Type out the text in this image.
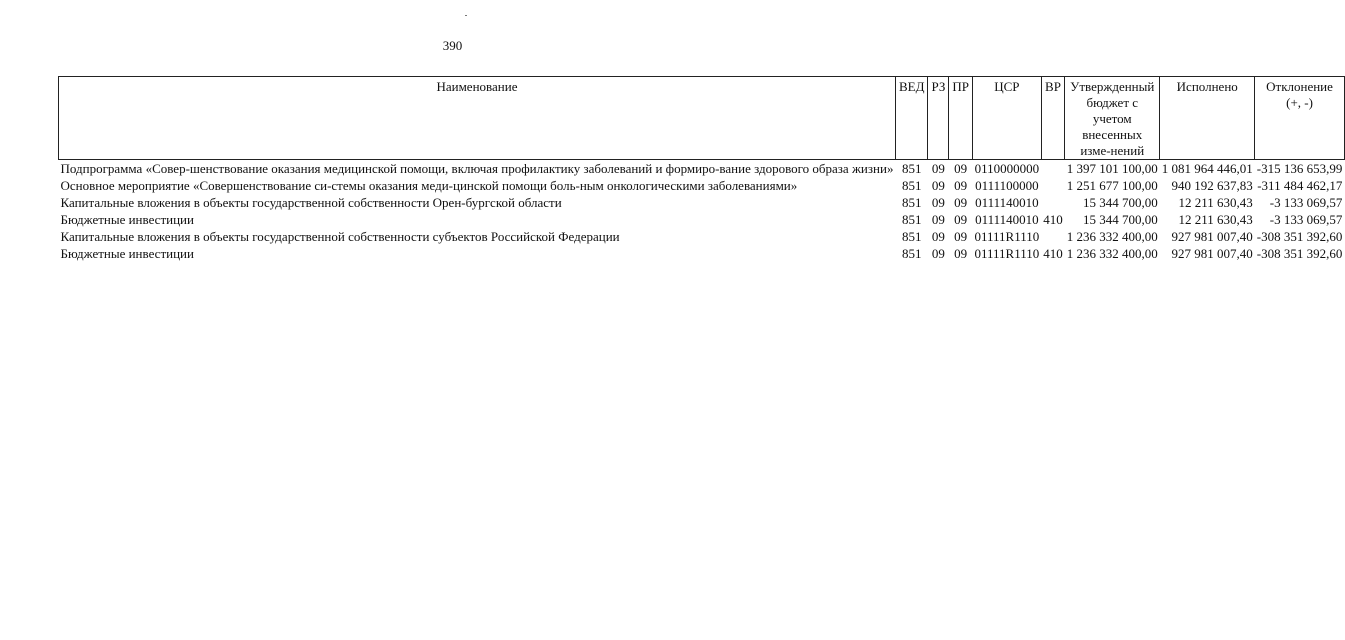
390
Наименование	ВЕД	РЗ	ПР	ЦСР	ВР	Утвержденный бюджет с учетом внесенных изме-нений	Исполнено	Отклонение (+, -)
Подпрограмма «Совер-шенствование оказания медицинской помощи, включая профилактику заболеваний и формиро-вание здорового образа жизни»	851	09	09	0110000000		1 397 101 100,00	1 081 964 446,01	-315 136 653,99
Основное мероприятие «Совершенствование си-стемы оказания меди-цинской помощи боль-ным онкологическими заболеваниями»	851	09	09	0111100000		1 251 677 100,00	940 192 637,83	-311 484 462,17
Капитальные вложения в объекты государственной собственности Орен-бургской области	851	09	09	0111140010		15 344 700,00	12 211 630,43	-3 133 069,57
Бюджетные инвестиции	851	09	09	0111140010	410	15 344 700,00	12 211 630,43	-3 133 069,57
Капитальные вложения в объекты государственной собственности субъектов Российской Федерации	851	09	09	01111R1110		1 236 332 400,00	927 981 007,40	-308 351 392,60
Бюджетные инвестиции	851	09	09	01111R1110	410	1 236 332 400,00	927 981 007,40	-308 351 392,60
